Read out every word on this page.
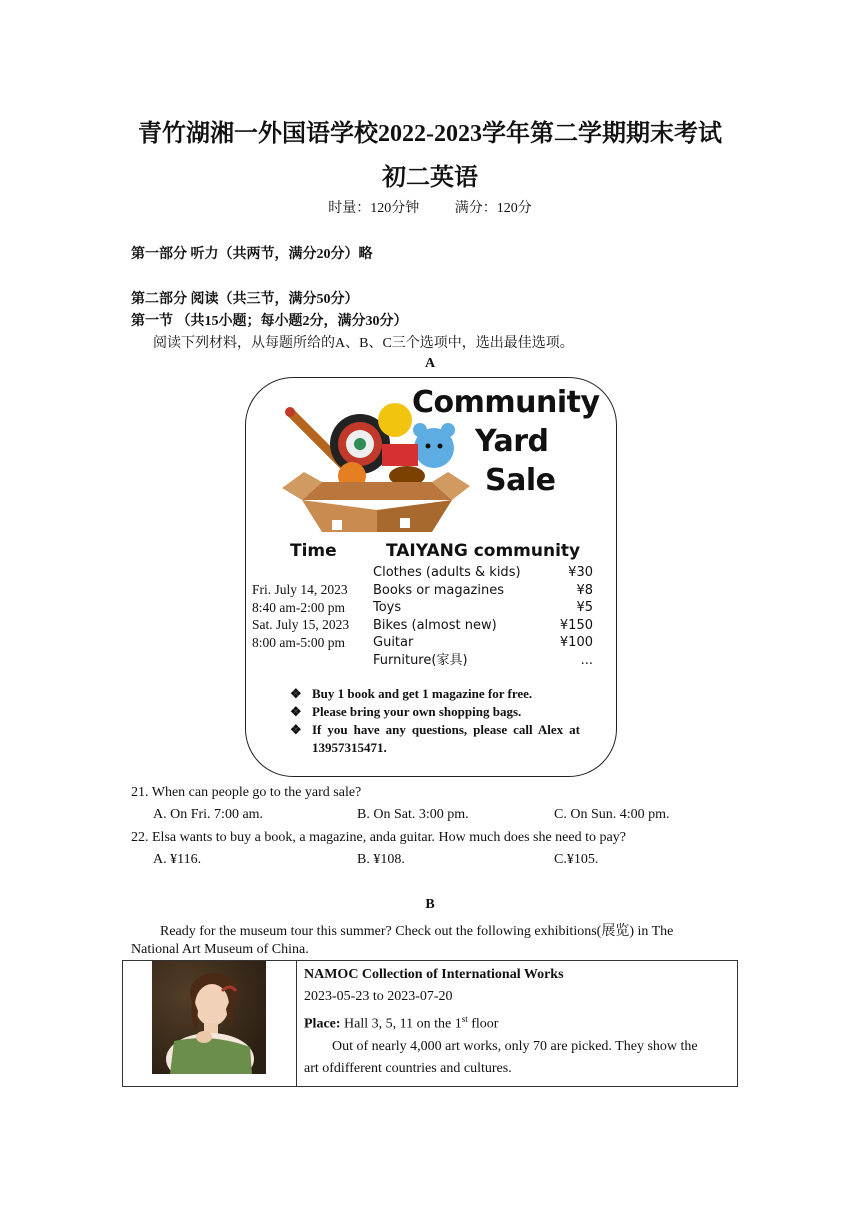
青竹湖湘一外国语学校2022-2023学年第二学期期末考试
初二英语
时量：120分钟	满分：120分
第一部分 听力（共两节，满分20分）略
第二部分 阅读（共三节，满分50分）
第一节 （共15小题；每小题2分，满分30分）
阅读下列材料，从每题所给的A、B、C三个选项中，选出最佳选项。
A
Community
Yard
Sale
Time	TAIYANG community
Fri. July 14, 2023
8:40 am-2:00 pm
Sat. July 15, 2023
8:00 am-5:00 pm
Clothes (adults & kids)	¥30
Books or magazines	¥8
Toys	¥5
Bikes (almost new)	¥150
Guitar	¥100
Furniture(家具)	...
❖ Buy 1 book and get 1 magazine for free.
❖ Please bring your own shopping bags.
❖ If you have any questions, please call Alex at 13957315471.
21. When can people go to the yard sale?
A. On Fri. 7:00 am.	B. On Sat. 3:00 pm.	C. On Sun. 4:00 pm.
22. Elsa wants to buy a book, a magazine, anda guitar. How much does she need to pay?
A. ¥116.	B. ¥108.	C.¥105.
B
Ready for the museum tour this summer? Check out the following exhibitions(展览) in The
National Art Museum of China.

NAMOC Collection of International Works
2023-05-23 to 2023-07-20
Place: Hall 3, 5, 11 on the 1st floor
Out of nearly 4,000 art works, only 70 are picked. They show the
art ofdifferent countries and cultures.
